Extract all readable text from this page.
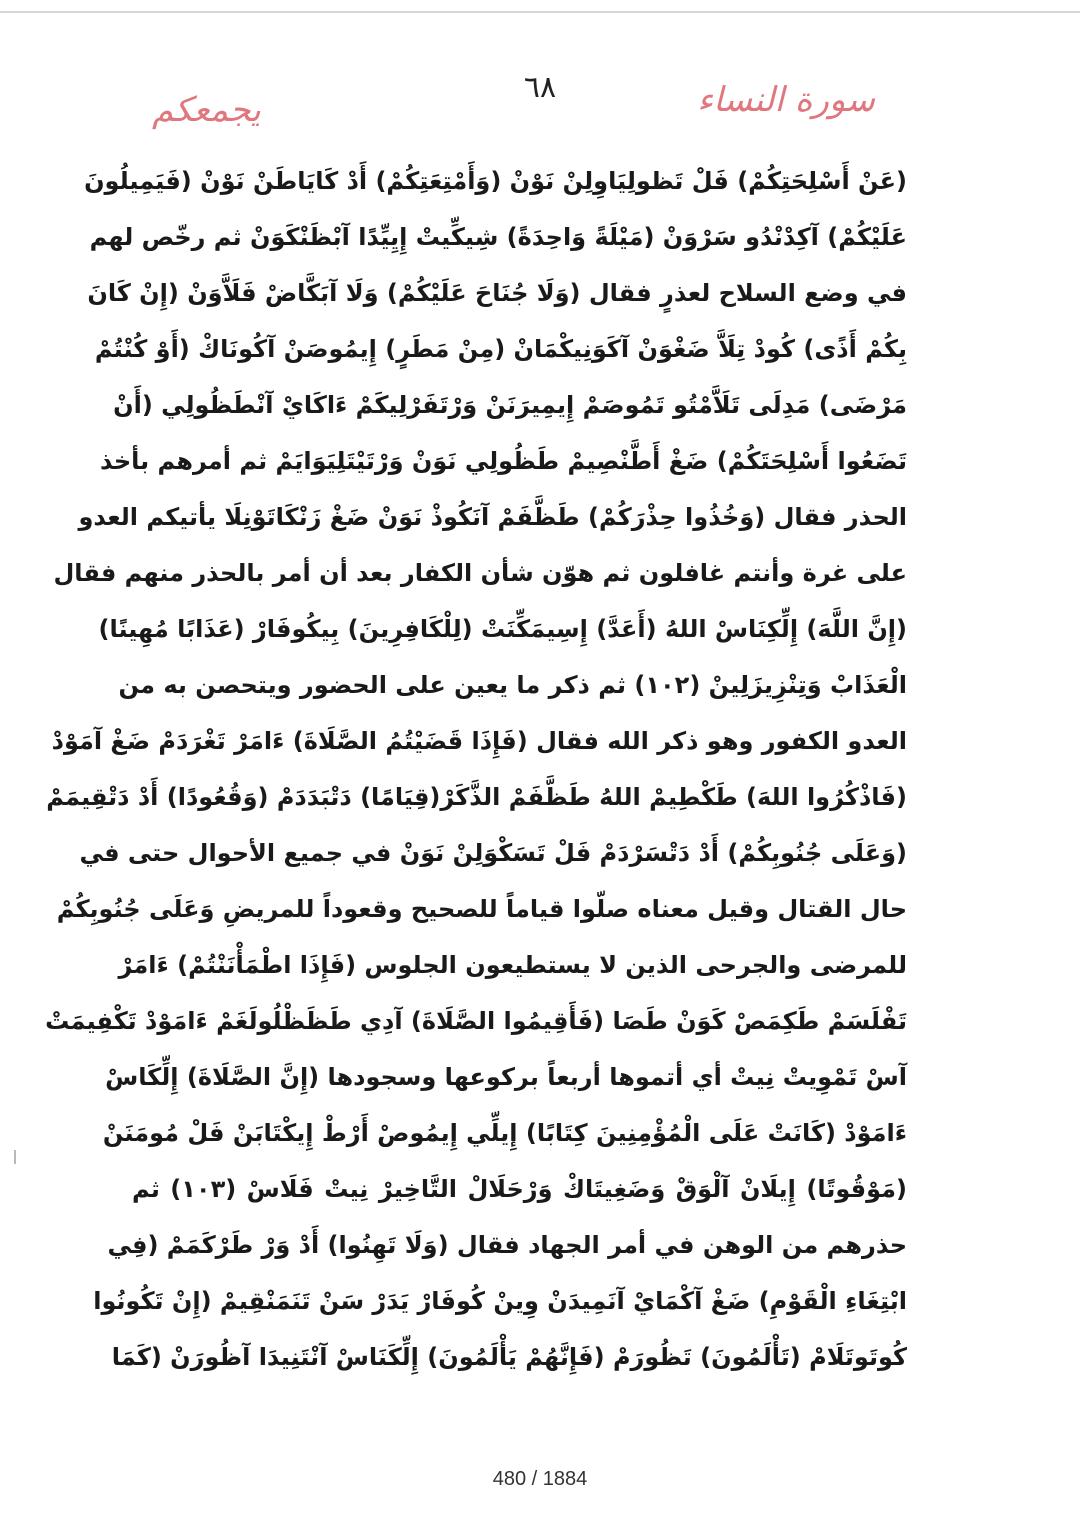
سورة النساء
٦٨
يجمعكم
(عَنْ أَسْلِحَتِكُمْ) فَلْ تَظولِيَاوِلِنْ نَوْنْ (وَأَمْتِعَتِكُمْ) أَدْ كَايَاطَنْ نَوْنْ (فَيَمِيلُونَ
عَلَيْكُمْ) آكِدْنْدُو سَرْوَنْ (مَيْلَةً وَاحِدَةً) شِيكِّيتْ إِيِيِّدًا آبْظَنْكَوَنْ ثم رخّص لهم
في وضع السلاح لعذرٍ فقال (وَلَا جُنَاحَ عَلَيْكُمْ) وَلَا آبَكَّاضْ فَلَاَّوَنْ (إِنْ كَانَ
بِكُمْ أَذًى) كُودْ تِلَاَّ ضَغْوَنْ آكَوَنِيكْمَانْ (مِنْ مَطَرٍ) إِيمُوصَنْ آكُونَاكْ (أَوْ كُنْتُمْ
مَرْضَى) مَدِلَى تَلَاَّمْتُو تَمُوصَمْ إِيمِيرَنَنْ وَرْتَفَرْلِيكَمْ ءَاكَايْ آنْطَظُولِي (أَنْ
تَضَعُوا أَسْلِحَتَكُمْ) ضَغْ أَطَّنْصِيمْ طَظُولِي نَوَنْ وَرْتَيْتَلِيَوَايَمْ ثم أمرهم بأخذ
الحذر فقال (وَخُذُوا حِذْرَكُمْ) طَظَّفَمْ آنَكُوذْ نَوَنْ ضَغْ زَنْكَاتَوْنِلَا يأتيكم العدو
على غرة وأنتم غافلون ثم هوّن شأن الكفار بعد أن أمر بالحذر منهم فقال
(إِنَّ اللَّهَ) إِلِّكِنَاسْ اللهُ (أَعَدَّ) إِسِيمَكِّنَتْ (لِلْكَافِرِينَ) بِيكُوفَارْ (عَذَابًا مُهِينًا)
الْعَذَابْ وَتِنْزِيزَلِينْ (١٠٢) ثم ذكر ما يعين على الحضور ويتحصن به من
العدو الكفور وهو ذكر الله فقال (فَإِذَا قَضَيْتُمُ الصَّلَاةَ) ءَامَرْ تَغْرَدَمْ ضَغْ آمَوْدْ
(فَاذْكُرُوا اللهَ) طَكْطِيمْ اللهُ طَظَّفَمْ الذَّكَرْ(قِيَامًا) دَتْبَدَدَمْ (وَقُعُودًا) أَدْ دَتْقِيمَمْ
(وَعَلَى جُنُوبِكُمْ) أَدْ دَتْسَرْدَمْ فَلْ تَسَكْوَلِنْ نَوَنْ في جميع الأحوال حتى في
حال القتال وقيل معناه صلّوا قياماً للصحيح وقعوداً للمريضِ وَعَلَى جُنُوبِكُمْ
للمرضى والجرحى الذين لا يستطيعون الجلوس (فَإِذَا اطْمَأْنَنْتُمْ) ءَامَرْ
تَفْلَسَمْ طَكِمَصْ كَوَنْ طَصَا (فَأَقِيمُوا الصَّلَاةَ) آدِي طَظَظْلُولَغَمْ ءَامَوْدْ تَكْفِيمَتْ
آسْ تَمْوِيتْ نِيتْ أي أتموها أربعاً بركوعها وسجودها (إِنَّ الصَّلَاةَ) إِلِّكَاسْ
ءَامَوْدْ (كَانَتْ عَلَى الْمُؤْمِنِينَ كِتَابًا) إِيلِّي إِيمُوصْ أَرْطْ إِيكْتَابَنْ فَلْ مُومَنَنْ
(مَوْقُوتًا) إِيلَانْ آلْوَقْ وَضَغِيتَاكْ وَرْحَلَالْ التَّاخِيرْ نِيتْ فَلَاسْ (١٠٣) ثم
حذرهم من الوهن في أمر الجهاد فقال (وَلَا تَهِنُوا) أَدْ وَرْ طَرْكَمَمْ (فِي
ابْتِغَاءِ الْقَوْمِ) ضَغْ آكْمَايْ آنَمِيدَنْ وِينْ كُوفَارْ يَدَرْ سَنْ تَنَمَنْقِيمْ (إِنْ تَكُونُوا
كُوتَوتَلَامْ (تَأْلَمُونَ) تَظُورَمْ (فَإِنَّهُمْ يَأْلَمُونَ) إِلِّكَنَاسْ آنْتَنِيدَا آظُورَنْ (كَمَا
480 / 1884
